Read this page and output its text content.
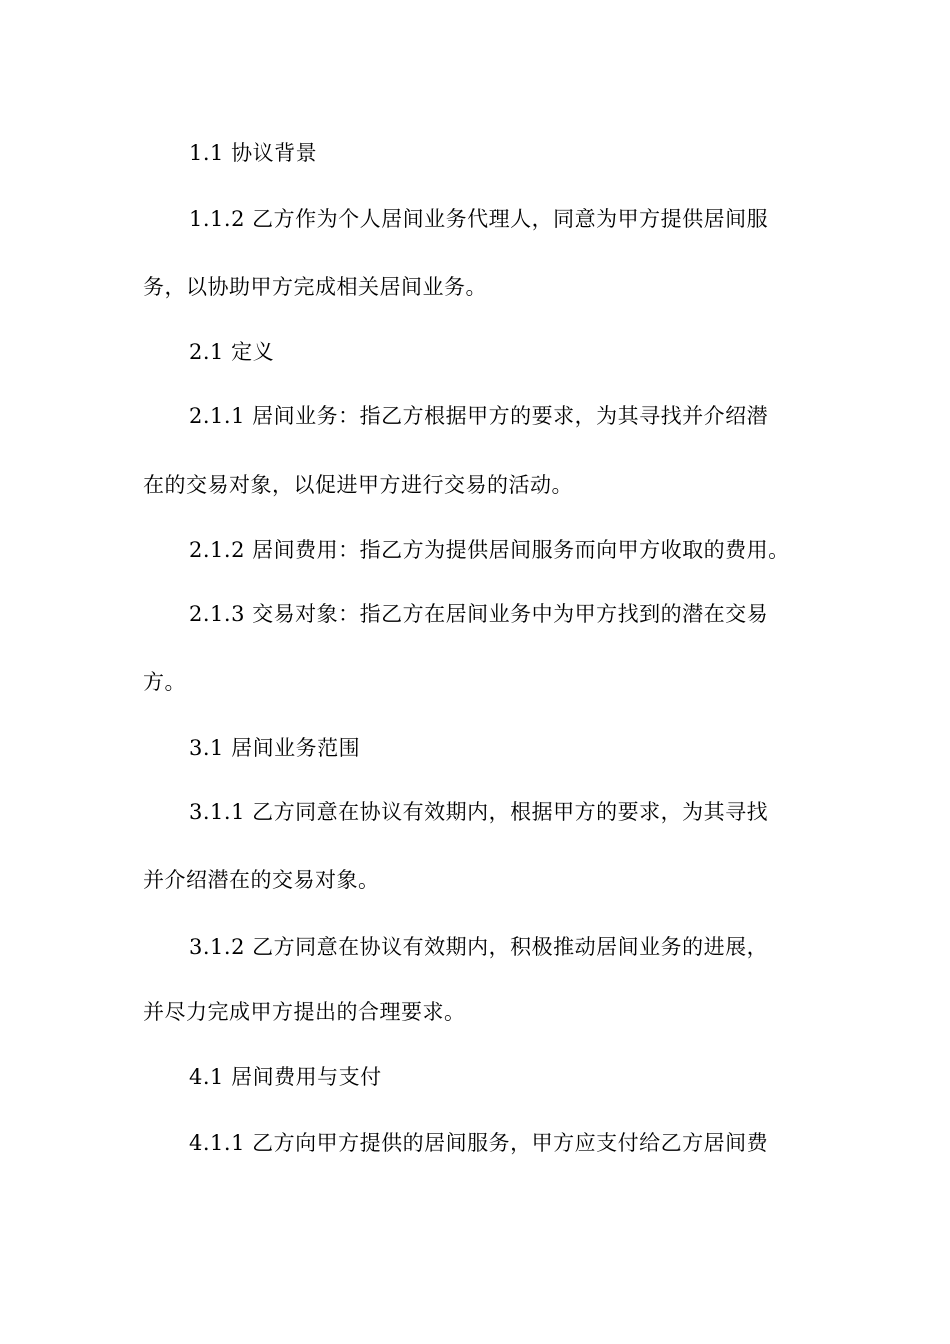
1.1 协议背景
1.1.2 乙方作为个人居间业务代理人，同意为甲方提供居间服
务，以协助甲方完成相关居间业务。
2.1 定义
2.1.1 居间业务：指乙方根据甲方的要求，为其寻找并介绍潜
在的交易对象，以促进甲方进行交易的活动。
2.1.2 居间费用：指乙方为提供居间服务而向甲方收取的费用。
2.1.3 交易对象：指乙方在居间业务中为甲方找到的潜在交易
方。
3.1 居间业务范围
3.1.1 乙方同意在协议有效期内，根据甲方的要求，为其寻找
并介绍潜在的交易对象。
3.1.2 乙方同意在协议有效期内，积极推动居间业务的进展，
并尽力完成甲方提出的合理要求。
4.1 居间费用与支付
4.1.1 乙方向甲方提供的居间服务，甲方应支付给乙方居间费
